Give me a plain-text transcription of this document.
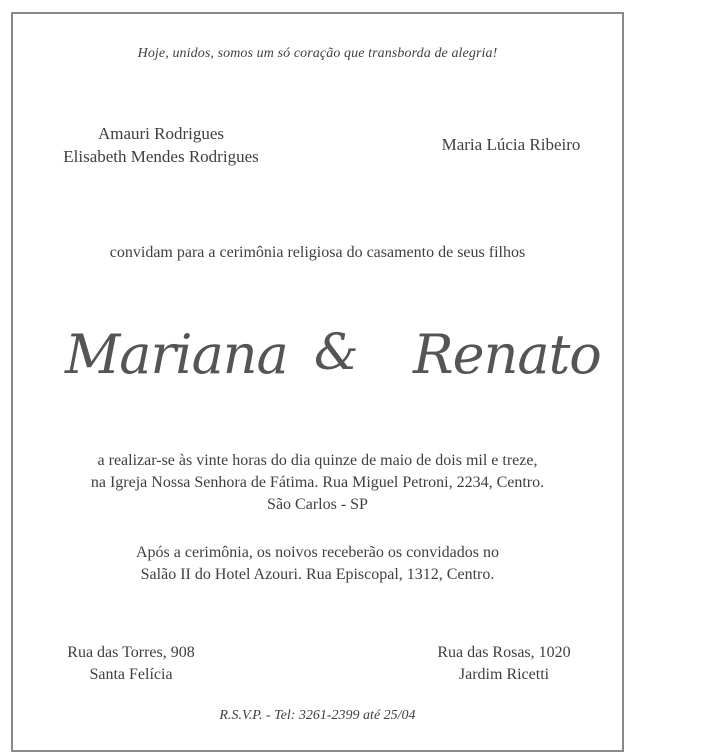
Hoje, unidos, somos um só coração que transborda de alegria!
Amauri Rodrigues
Elisabeth Mendes Rodrigues
Maria Lúcia Ribeiro
convidam para a cerimônia religiosa do casamento de seus filhos
Mariana & Renato
a realizar-se às vinte horas do dia quinze de maio de dois mil e treze,
na Igreja Nossa Senhora de Fátima. Rua Miguel Petroni, 2234, Centro.
São Carlos - SP
Após a cerimônia, os noivos receberão os convidados no
Salão II do Hotel Azouri. Rua Episcopal, 1312, Centro.
Rua das Torres, 908
Santa Felícia
Rua das Rosas, 1020
Jardim Ricetti
R.S.V.P. - Tel: 3261-2399 até 25/04
